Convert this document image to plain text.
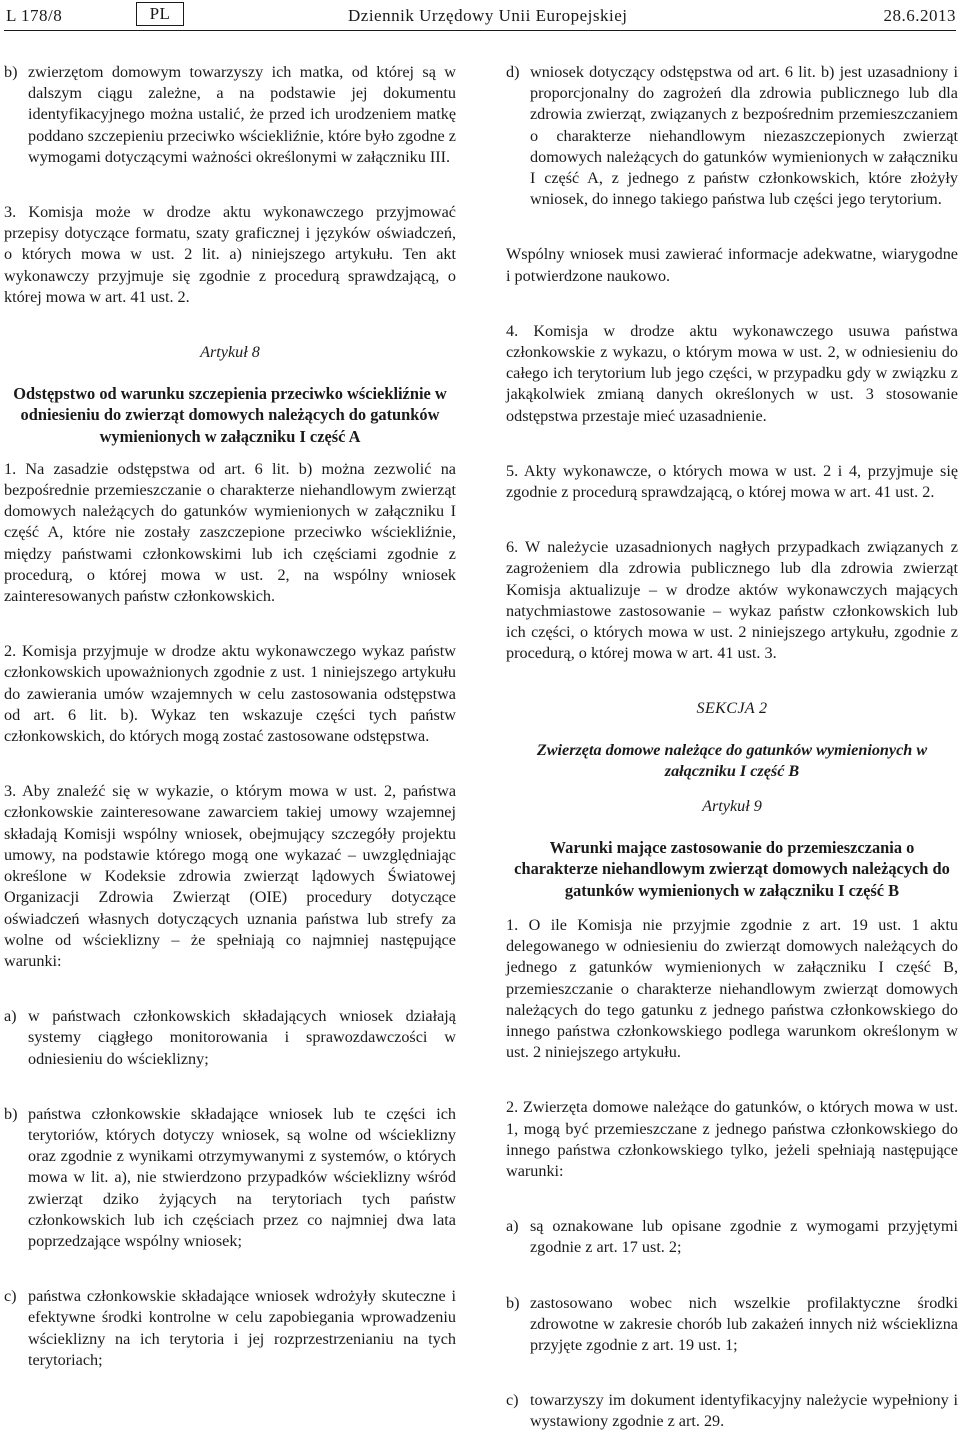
L 178/8	PL	Dziennik Urzędowy Unii Europejskiej	28.6.2013
b) zwierzętom domowym towarzyszy ich matka, od której są w dalszym ciągu zależne, a na podstawie jej dokumentu identyfikacyjnego można ustalić, że przed ich urodzeniem matkę poddano szczepieniu przeciwko wściekliźnie, które było zgodne z wymogami dotyczącymi ważności określonymi w załączniku III.

3. Komisja może w drodze aktu wykonawczego przyjmować przepisy dotyczące formatu, szaty graficznej i języków oświadczeń, o których mowa w ust. 2 lit. a) niniejszego artykułu. Ten akt wykonawczy przyjmuje się zgodnie z procedurą sprawdzającą, o której mowa w art. 41 ust. 2.

Artykuł 8

Odstępstwo od warunku szczepienia przeciwko wściekliźnie w odniesieniu do zwierząt domowych należących do gatunków wymienionych w załączniku I część A

1. Na zasadzie odstępstwa od art. 6 lit. b) można zezwolić na bezpośrednie przemieszczanie o charakterze niehandlowym zwierząt domowych należących do gatunków wymienionych w załączniku I część A, które nie zostały zaszczepione przeciwko wściekliźnie, między państwami członkowskimi lub ich częściami zgodnie z procedurą, o której mowa w ust. 2, na wspólny wniosek zainteresowanych państw członkowskich.

2. Komisja przyjmuje w drodze aktu wykonawczego wykaz państw członkowskich upoważnionych zgodnie z ust. 1 niniejszego artykułu do zawierania umów wzajemnych w celu zastosowania odstępstwa od art. 6 lit. b). Wykaz ten wskazuje części tych państw członkowskich, do których mogą zostać zastosowane odstępstwa.

3. Aby znaleźć się w wykazie, o którym mowa w ust. 2, państwa członkowskie zainteresowane zawarciem takiej umowy wzajemnej składają Komisji wspólny wniosek, obejmujący szczegóły projektu umowy, na podstawie którego mogą one wykazać – uwzględniając określone w Kodeksie zdrowia zwierząt lądowych Światowej Organizacji Zdrowia Zwierząt (OIE) procedury dotyczące oświadczeń własnych dotyczących uznania państwa lub strefy za wolne od wścieklizny – że spełniają co najmniej następujące warunki:

a) w państwach członkowskich składających wniosek działają systemy ciągłego monitorowania i sprawozdawczości w odniesieniu do wścieklizny;

b) państwa członkowskie składające wniosek lub te części ich terytoriów, których dotyczy wniosek, są wolne od wścieklizny oraz zgodnie z wynikami otrzymywanymi z systemów, o których mowa w lit. a), nie stwierdzono przypadków wścieklizny wśród zwierząt dziko żyjących na terytoriach tych państw członkowskich lub ich częściach przez co najmniej dwa lata poprzedzające wspólny wniosek;

c) państwa członkowskie składające wniosek wdrożyły skuteczne i efektywne środki kontrolne w celu zapobiegania wprowadzeniu wścieklizny na ich terytoria i jej rozprzestrzenianiu na tych terytoriach;

d) wniosek dotyczący odstępstwa od art. 6 lit. b) jest uzasadniony i proporcjonalny do zagrożeń dla zdrowia publicznego lub dla zdrowia zwierząt, związanych z bezpośrednim przemieszczaniem o charakterze niehandlowym niezaszczepionych zwierząt domowych należących do gatunków wymienionych w załączniku I część A, z jednego z państw członkowskich, które złożyły wniosek, do innego takiego państwa lub części jego terytorium.

Wspólny wniosek musi zawierać informacje adekwatne, wiarygodne i potwierdzone naukowo.

4. Komisja w drodze aktu wykonawczego usuwa państwa członkowskie z wykazu, o którym mowa w ust. 2, w odniesieniu do całego ich terytorium lub jego części, w przypadku gdy w związku z jakąkolwiek zmianą danych określonych w ust. 3 stosowanie odstępstwa przestaje mieć uzasadnienie.

5. Akty wykonawcze, o których mowa w ust. 2 i 4, przyjmuje się zgodnie z procedurą sprawdzającą, o której mowa w art. 41 ust. 2.

6. W należycie uzasadnionych nagłych przypadkach związanych z zagrożeniem dla zdrowia publicznego lub dla zdrowia zwierząt Komisja aktualizuje – w drodze aktów wykonawczych mających natychmiastowe zastosowanie – wykaz państw członkowskich lub ich części, o których mowa w ust. 2 niniejszego artykułu, zgodnie z procedurą, o której mowa w art. 41 ust. 3.

SEKCJA 2

Zwierzęta domowe należące do gatunków wymienionych w załączniku I część B

Artykuł 9

Warunki mające zastosowanie do przemieszczania o charakterze niehandlowym zwierząt domowych należących do gatunków wymienionych w załączniku I część B

1. O ile Komisja nie przyjmie zgodnie z art. 19 ust. 1 aktu delegowanego w odniesieniu do zwierząt domowych należących do jednego z gatunków wymienionych w załączniku I część B, przemieszczanie o charakterze niehandlowym zwierząt domowych należących do tego gatunku z jednego państwa członkowskiego do innego państwa członkowskiego podlega warunkom określonym w ust. 2 niniejszego artykułu.

2. Zwierzęta domowe należące do gatunków, o których mowa w ust. 1, mogą być przemieszczane z jednego państwa członkowskiego do innego państwa członkowskiego tylko, jeżeli spełniają następujące warunki:

a) są oznakowane lub opisane zgodnie z wymogami przyjętymi zgodnie z art. 17 ust. 2;

b) zastosowano wobec nich wszelkie profilaktyczne środki zdrowotne w zakresie chorób lub zakażeń innych niż wścieklizna przyjęte zgodnie z art. 19 ust. 1;

c) towarzyszy im dokument identyfikacyjny należycie wypełniony i wystawiony zgodnie z art. 29.
